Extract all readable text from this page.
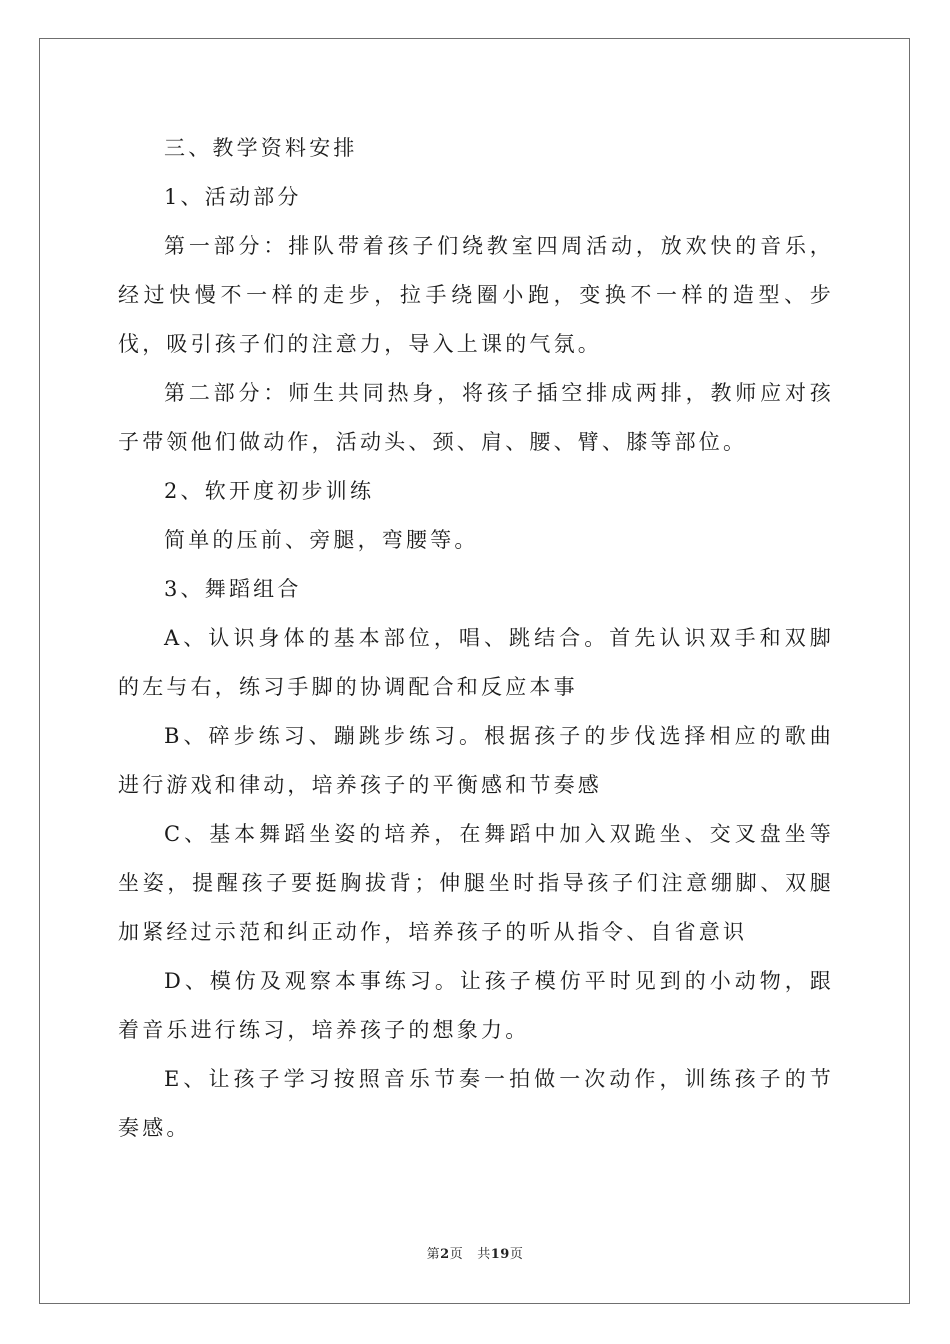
三、教学资料安排

1、活动部分

第一部分：排队带着孩子们绕教室四周活动，放欢快的音乐，经过快慢不一样的走步，拉手绕圈小跑，变换不一样的造型、步伐，吸引孩子们的注意力，导入上课的气氛。

第二部分：师生共同热身，将孩子插空排成两排，教师应对孩子带领他们做动作，活动头、颈、肩、腰、臂、膝等部位。

2、软开度初步训练

简单的压前、旁腿，弯腰等。

3、舞蹈组合

A、认识身体的基本部位，唱、跳结合。首先认识双手和双脚的左与右，练习手脚的协调配合和反应本事

B、碎步练习、蹦跳步练习。根据孩子的步伐选择相应的歌曲进行游戏和律动，培养孩子的平衡感和节奏感

C、基本舞蹈坐姿的培养，在舞蹈中加入双跪坐、交叉盘坐等坐姿，提醒孩子要挺胸拔背；伸腿坐时指导孩子们注意绷脚、双腿加紧经过示范和纠正动作，培养孩子的听从指令、自省意识

D、模仿及观察本事练习。让孩子模仿平时见到的小动物，跟着音乐进行练习，培养孩子的想象力。

E、让孩子学习按照音乐节奏一拍做一次动作，训练孩子的节奏感。

第2页 共19页
